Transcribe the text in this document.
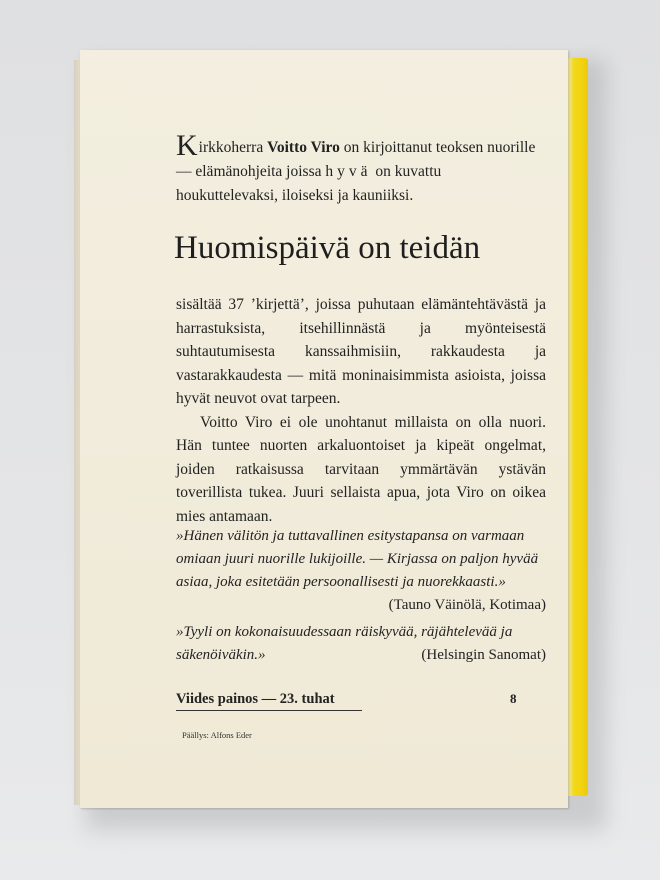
Kirkkoherra Voitto Viro on kirjoittanut teoksen nuorille — elämänohjeita joissa hyvä on kuvattu houkuttelevaksi, iloiseksi ja kauniiksi.
Huomispäivä on teidän

sisältää 37 ’kirjettä’, joissa puhutaan elämäntehtävästä ja harrastuksista, itsehillinnästä ja myönteisestä suhtautumisesta kanssaihmisiin, rakkaudesta ja vastarakkaudesta — mitä moninaisimmista asioista, joissa hyvät neuvot ovat tarpeen.

Voitto Viro ei ole unohtanut millaista on olla nuori. Hän tuntee nuorten arkaluontoiset ja kipeät ongelmat, joiden ratkaisussa tarvitaan ymmärtävän ystävän toverillista tukea. Juuri sellaista apua, jota Viro on oikea mies antamaan.

»Hänen välitön ja tuttavallinen esitystapansa on varmaan omiaan juuri nuorille lukijoille. — Kirjassa on paljon hyvää asiaa, joka esitetään persoonallisesti ja nuorekkaasti.»
(Tauno Väinölä, Kotimaa)
»Tyyli on kokonaisuudessaan räiskyvää, räjähtelevää ja säkenöiväkin.»	(Helsingin Sanomat)
Viides painos — 23. tuhat	8
Päällys: Alfons Eder
